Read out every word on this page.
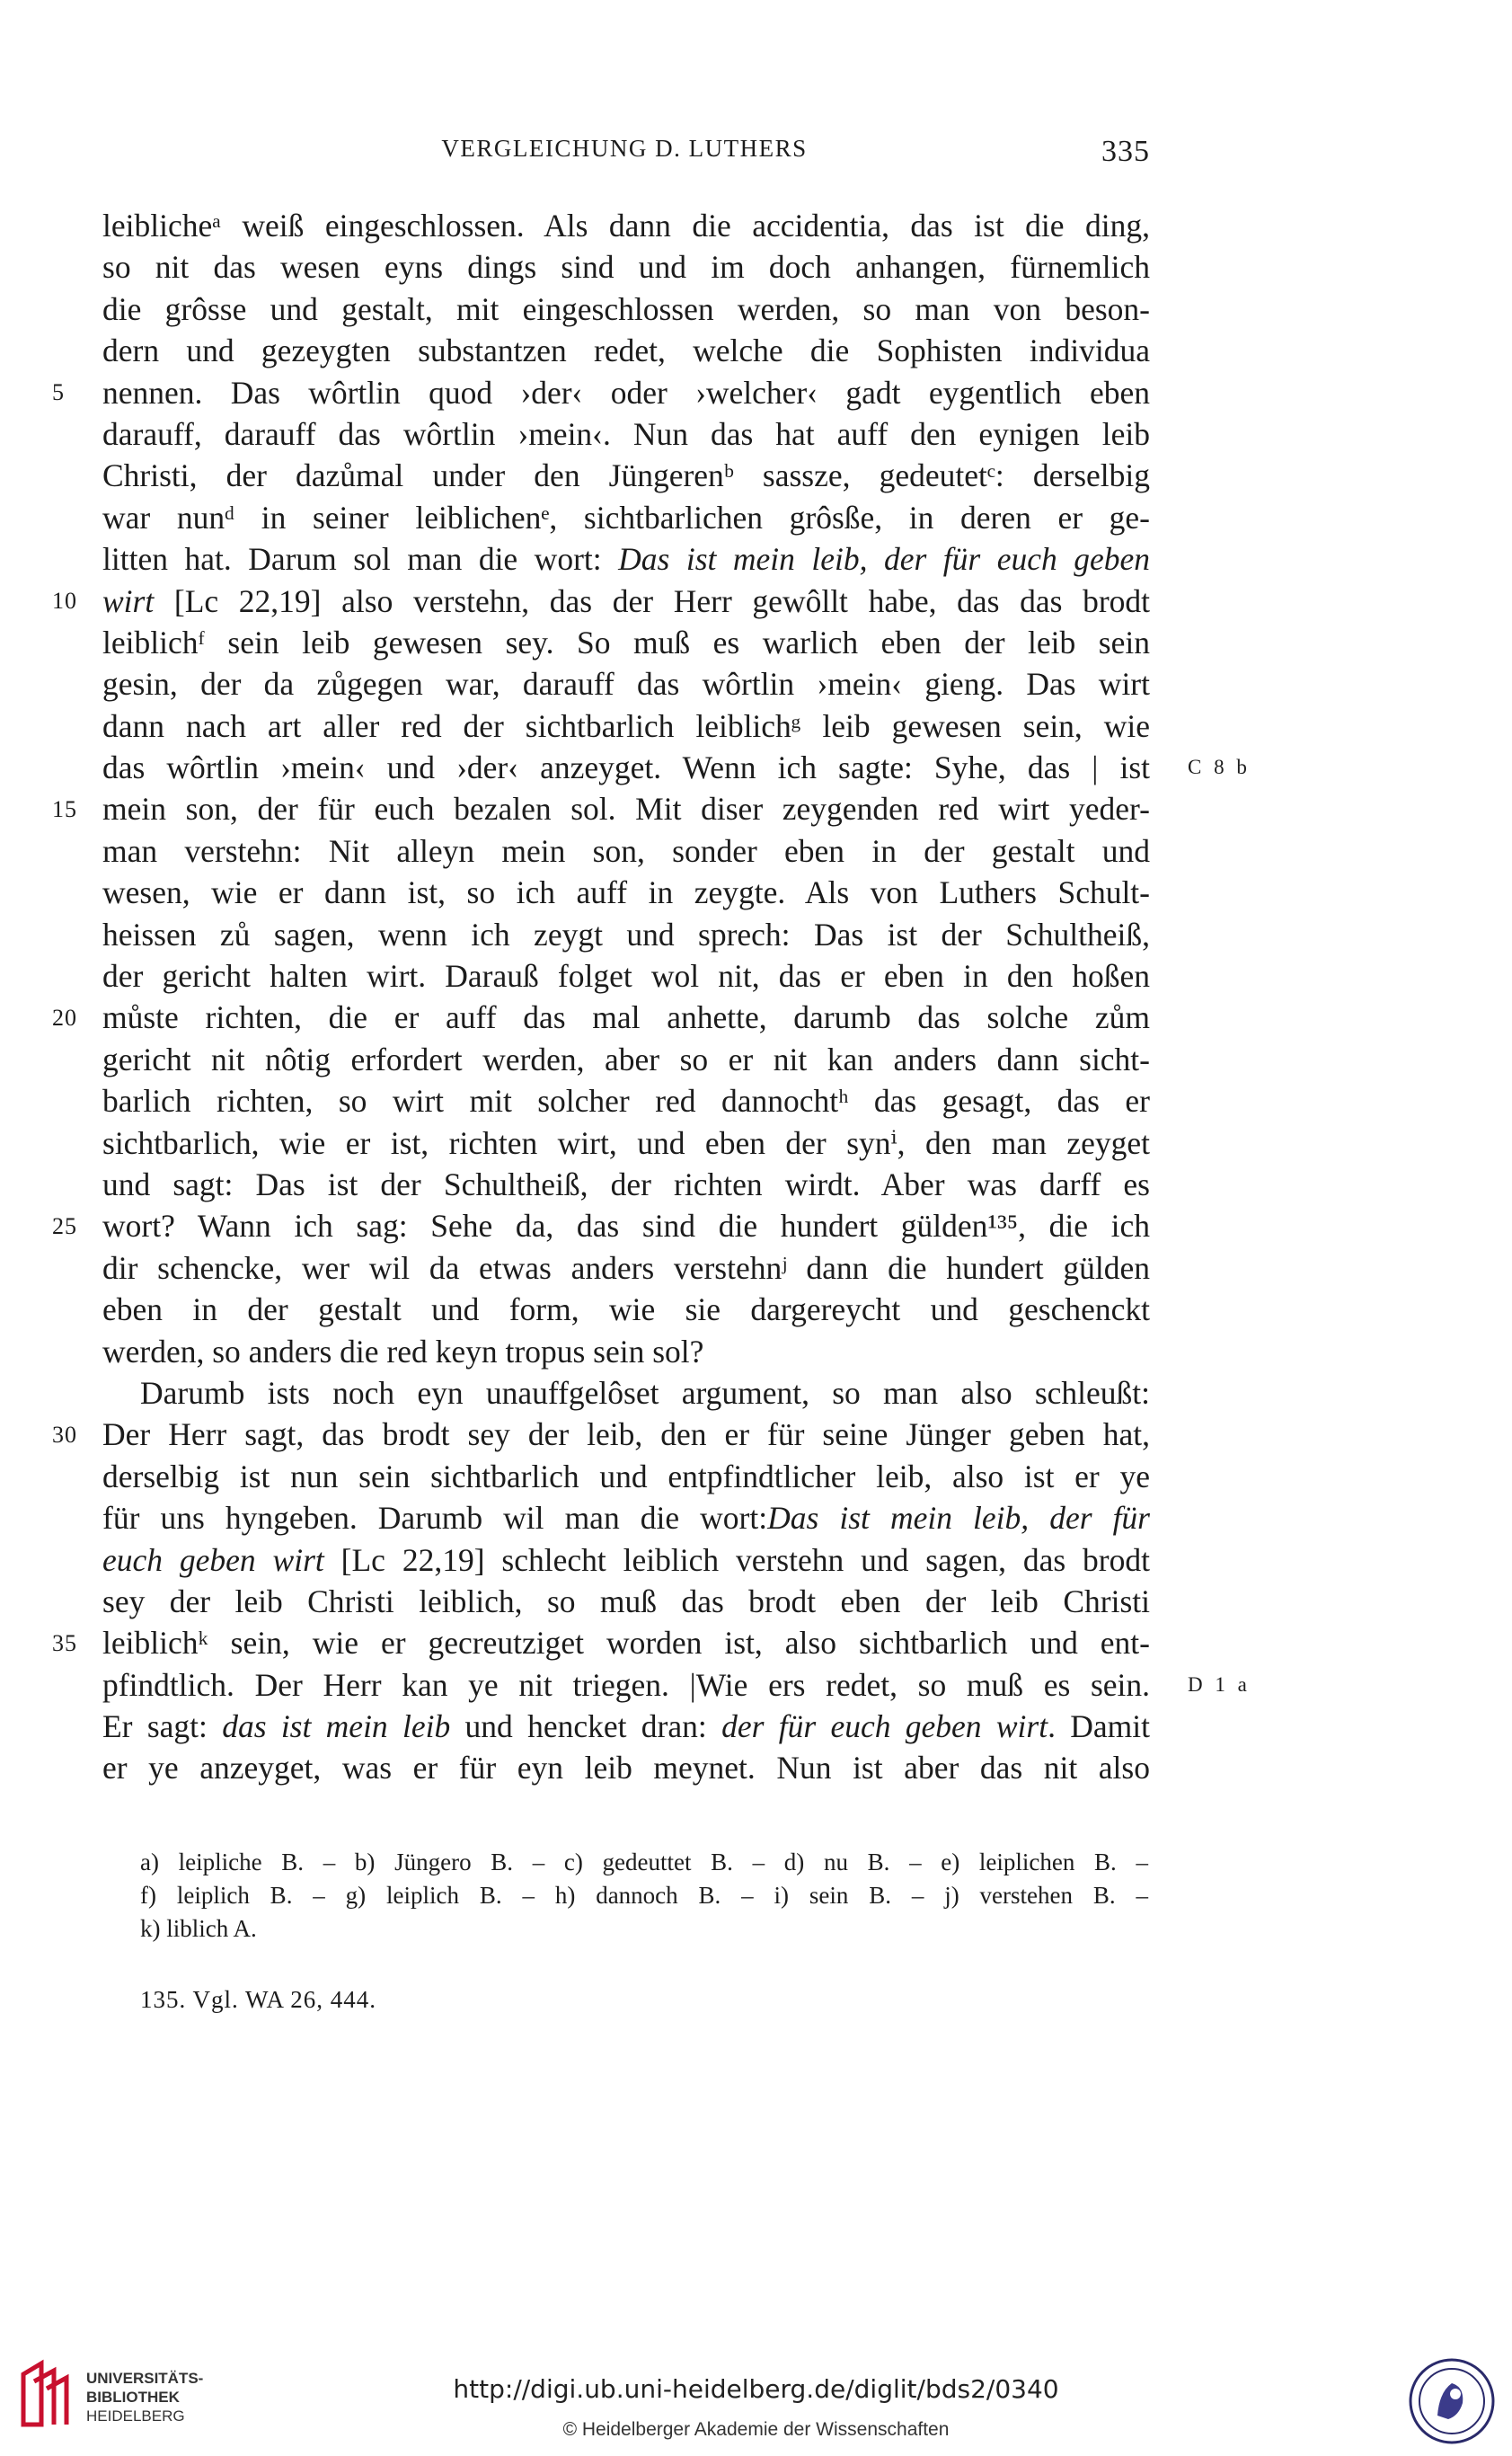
VERGLEICHUNG D. LUTHERS	335
leiblicheᵃ weiß eingeschlossen. Als dann die accidentia, das ist die ding,
so nit das wesen eyns dings sind und im doch anhangen, fürnemlich
die grôsse und gestalt, mit eingeschlossen werden, so man von beson-
dern und gezeygten substantzen redet, welche die Sophisten individua
nennen. Das wôrtlin quod ›der‹ oder ›welcher‹ gadt eygentlich eben
darauff, darauff das wôrtlin ›mein‹. Nun das hat auff den eynigen leib
Christi, der dazůmal under den Jüngerenᵇ sassze, gedeutetᶜ: derselbig
war nunᵈ in seiner leiblichenᵉ, sichtbarlichen grôsße, in deren er ge-
litten hat. Darum sol man die wort: Das ist mein leib, der für euch geben
wirt [Lc 22,19] also verstehn, das der Herr gewôllt habe, das das brodt
leiblichᶠ sein leib gewesen sey. So muß es warlich eben der leib sein
gesin, der da zůgegen war, darauff das wôrtlin ›mein‹ gieng. Das wirt
dann nach art aller red der sichtbarlich leiblichᵍ leib gewesen sein, wie
das wôrtlin ›mein‹ und ›der‹ anzeyget. Wenn ich sagte: Syhe, das | ist
mein son, der für euch bezalen sol. Mit diser zeygenden red wirt yeder-
man verstehn: Nit alleyn mein son, sonder eben in der gestalt und
wesen, wie er dann ist, so ich auff in zeygte. Als von Luthers Schult-
heissen zů sagen, wenn ich zeygt und sprech: Das ist der Schultheiß,
der gericht halten wirt. Darauß folget wol nit, das er eben in den hoßen
můste richten, die er auff das mal anhette, darumb das solche zům
gericht nit nôtig erfordert werden, aber so er nit kan anders dann sicht-
barlich richten, so wirt mit solcher red dannochtʰ das gesagt, das er
sichtbarlich, wie er ist, richten wirt, und eben der synⁱ, den man zeyget
und sagt: Das ist der Schultheiß, der richten wirdt. Aber was darff es
wort? Wann ich sag: Sehe da, das sind die hundert gülden¹³⁵, die ich
dir schencke, wer wil da etwas anders verstehnʲ dann die hundert gülden
eben in der gestalt und form, wie sie dargereycht und geschenckt
werden, so anders die red keyn tropus sein sol?
Darumb ists noch eyn unauffgelôset argument, so man also schleußt:
Der Herr sagt, das brodt sey der leib, den er für seine Jünger geben hat,
derselbig ist nun sein sichtbarlich und entpfindtlicher leib, also ist er ye
für uns hyngeben. Darumb wil man die wort:Das ist mein leib, der für
euch geben wirt [Lc 22,19] schlecht leiblich verstehn und sagen, das brodt
sey der leib Christi leiblich, so muß das brodt eben der leib Christi
leiblichᵏ sein, wie er gecreutziget worden ist, also sichtbarlich und ent-
pfindtlich. Der Herr kan ye nit triegen. |Wie ers redet, so muß es sein.
Er sagt: das ist mein leib und hencket dran: der für euch geben wirt. Damit
er ye anzeyget, was er für eyn leib meynet. Nun ist aber das nit also
a) leipliche B. – b) Jüngero B. – c) gedeuttet B. – d) nu B. – e) leiplichen B. –
f) leiplich B. – g) leiplich B. – h) dannoch B. – i) sein B. – j) verstehen B. –
k) liblich A.
135. Vgl. WA 26, 444.
UNIVERSITÄTS-
BIBLIOTHEK
HEIDELBERG
http://digi.ub.uni-heidelberg.de/diglit/bds2/0340
© Heidelberger Akademie der Wissenschaften
5
10
C 8 b
15
20
25
30
35
D 1 a
